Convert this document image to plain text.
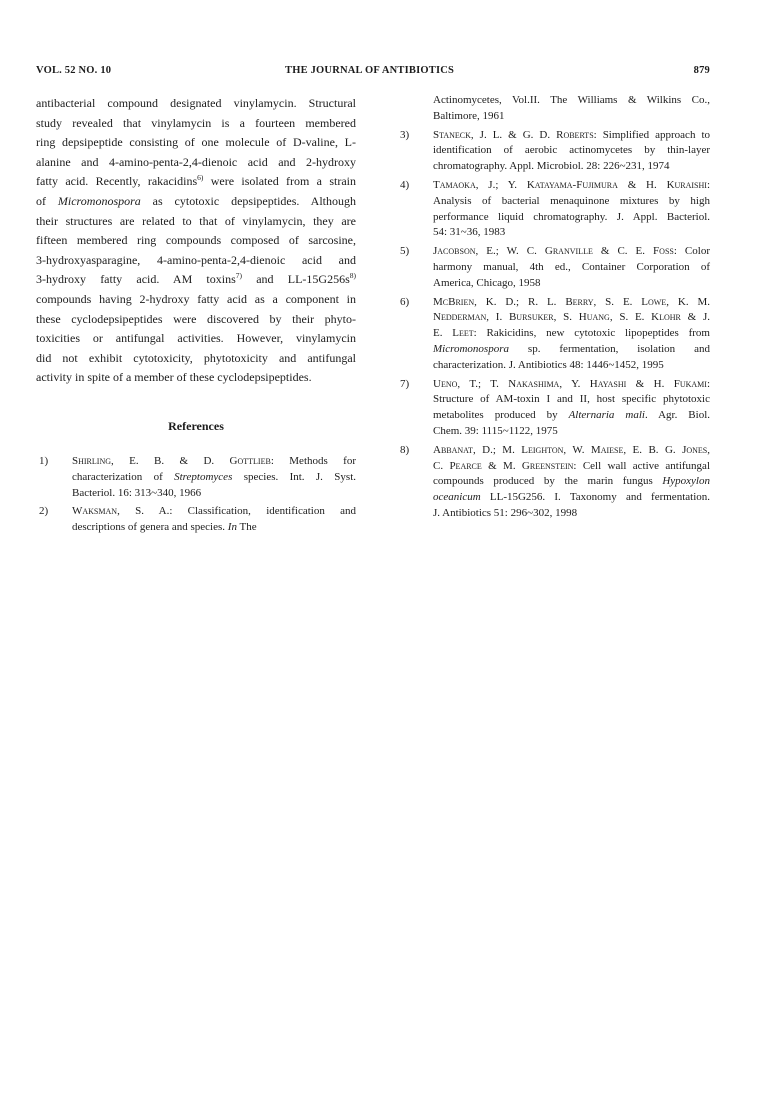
VOL. 52 NO. 10	THE JOURNAL OF ANTIBIOTICS	879
antibacterial compound designated vinylamycin. Structural
study revealed that vinylamycin is a fourteen membered
ring depsipeptide consisting of one molecule of D-valine, L-
alanine and 4-amino-penta-2,4-dienoic acid and 2-hydroxy
fatty acid. Recently, rakacidins$^{6)}$ were isolated from a strain
of Micromonospora as cytotoxic depsipeptides. Although
their structures are related to that of vinylamycin, they are
fifteen membered ring compounds composed of sarcosine,
3-hydroxyasparagine, 4-amino-penta-2,4-dienoic acid and
3-hydroxy fatty acid. AM toxins$^{7)}$ and $LL-15G256s^{8)}$
compounds having 2-hydroxy fatty acid as a component in
these cyclodepsipeptides were discovered by their phyto-
toxicities or antifungal activities. However, vinylamycin
did not exhibit cytotoxicity, phytotoxicity and antifungal
activity in spite of a member of these cyclodepsipeptides.
References
1) Shirling, E. B. & D. Gottlieb: Methods for
characterization of Streptomyces species. Int. J. Syst.
Bacteriol. 16: 313~340, 1966
2) Waksman, S. A.: Classification, identification and
descriptions of genera and species. In The
Actinomycetes, Vol.II. The Williams & Wilkins Co.,
Baltimore, 1961
3) Staneck, J. L. & G. D. Roberts: Simplified approach to
identification of aerobic actinomycetes by thin-layer
chromatography. Appl. Microbiol. 28: 226~231, 1974
4) Tamaoka, J.; Y. Katayama-Fujimura & H. Kuraishi:
Analysis of bacterial menaquinone mixtures by high
performance liquid chromatography. J. Appl. Bacteriol.
54: 31~36, 1983
5) Jacobson, E.; W. C. Granville & C. E. Foss: Color
harmony manual, 4th ed., Container Corporation of
America, Chicago, 1958
6) McBrien, K. D.; R. L. Berry, S. E. Lowe, K. M.
Nedderman, I. Bursuker, S. Huang, S. E. Klohr & J.
E. Leet: Rakicidins, new cytotoxic lipopeptides from
Micromonospora sp. fermentation, isolation and
characterization. J. Antibiotics 48: 1446~1452, 1995
7) Ueno, T.; T. Nakashima, Y. Hayashi & H. Fukami:
Structure of AM-toxin I and II, host specific phytotoxic
metabolites produced by Alternaria mali. Agr. Biol.
Chem. 39: 1115~1122, 1975
8) Abbanat, D.; M. Leighton, W. Maiese, E. B. G. Jones,
C. Pearce & M. Greenstein: Cell wall active antifungal
compounds produced by the marin fungus Hypoxylon
oceanicum LL-15G256. I. Taxonomy and fermentation.
J. Antibiotics 51: 296~302, 1998
